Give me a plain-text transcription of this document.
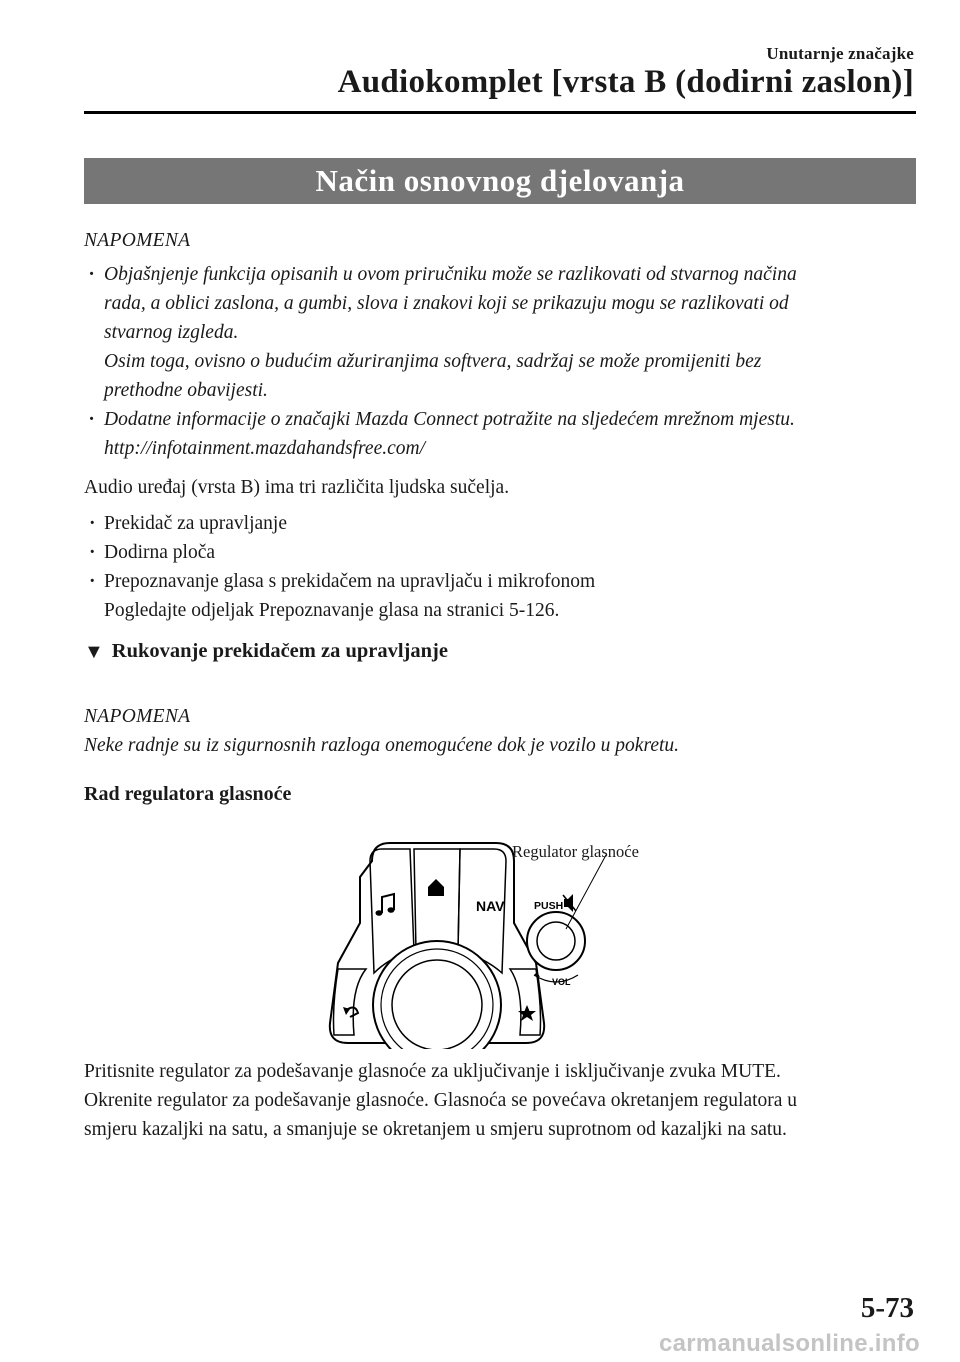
Unutarnje značajke
Audiokomplet [vrsta B (dodirni zaslon)]
Način osnovnog djelovanja
NAPOMENA
· Objašnjenje funkcija opisanih u ovom priručniku može se razlikovati od stvarnog načina
rada, a oblici zaslona, a gumbi, slova i znakovi koji se prikazuju mogu se razlikovati od
stvarnog izgleda.
Osim toga, ovisno o budućim ažuriranjima softvera, sadržaj se može promijeniti bez
prethodne obavijesti.
· Dodatne informacije o značajki Mazda Connect potražite na sljedećem mrežnom mjestu.
http://infotainment.mazdahandsfree.com/

Audio uređaj (vrsta B) ima tri različita ljudska sučelja.

· Prekidač za upravljanje
· Dodirna ploča
· Prepoznavanje glasa s prekidačem na upravljaču i mikrofonom
Pogledajte odjeljak Prepoznavanje glasa na stranici 5-126.
▼ Rukovanje prekidačem za upravljanje
NAPOMENA

Neke radnje su iz sigurnosnih razloga onemogućene dok je vozilo u pokretu.

Rad regulatora glasnoće
NAV	PUSH
VOL
Regulator glasnoće

Pritisnite regulator za podešavanje glasnoće za uključivanje i isključivanje zvuka MUTE.
Okrenite regulator za podešavanje glasnoće. Glasnoća se povećava okretanjem regulatora u
smjeru kazaljki na satu, a smanjuje se okretanjem u smjeru suprotnom od kazaljki na satu.

5-73
carmanualsonline.info
